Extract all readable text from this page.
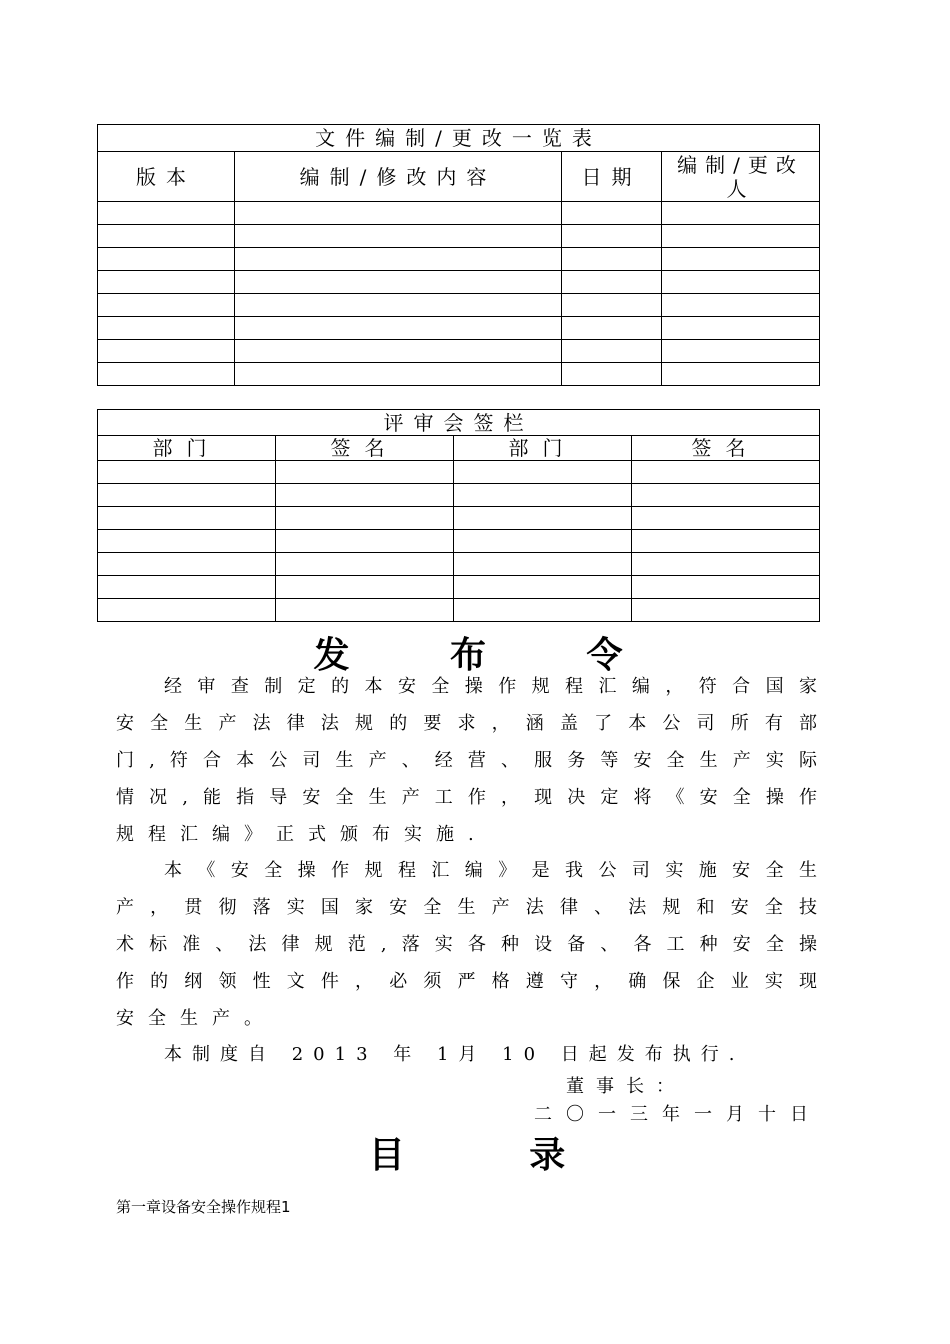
文件编制/更改一览表			
版本	编制/修改内容	日期	编制/更改人

评审会签栏			
部门	签名	部门	签名

发 布 令

经审查制定的本安全操作规程汇编，符合国家
安全生产法律法规的要求，涵盖了本公司所有部
门,符合本公司生产、经营、服务等安全生产实际
情况,能指导安全生产工作，现决定将《安全操作
规程汇编》正式颁布实施.

本《安全操作规程汇编》是我公司实施安全生
产，贯彻落实国家安全生产法律、法规和安全技
术标准、法律规范,落实各种设备、各工种安全操
作的纲领性文件，必须严格遵守，确保企业实现
安全生产。

本制度自 2013 年 1月 10 日起发布执行.

董事长：
二〇一三年一月十日
目 录
第一章设备安全操作规程1
